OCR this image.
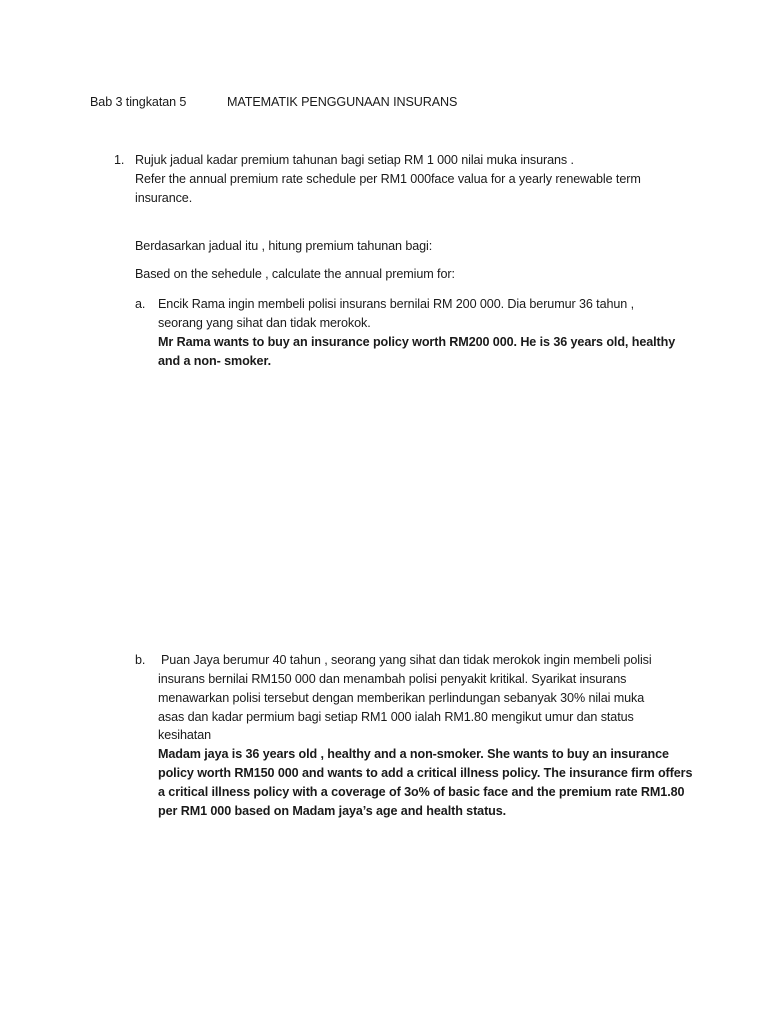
Bab 3 tingkatan 5	MATEMATIK PENGGUNAAN INSURANS
1. Rujuk jadual kadar premium tahunan bagi setiap RM 1 000 nilai muka insurans .
Refer the annual premium rate schedule per RM1 000face valua for a yearly renewable term
insurance.
Berdasarkan jadual itu , hitung premium tahunan bagi:
Based on the sehedule , calculate the annual premium for:
a. Encik Rama ingin membeli polisi insurans bernilai RM 200 000. Dia berumur 36 tahun ,
seorang yang sihat dan tidak merokok.
Mr Rama wants to buy an insurance policy worth RM200 000. He is 36 years old, healthy
and a non- smoker.
b. Puan Jaya berumur 40 tahun , seorang yang sihat dan tidak merokok ingin membeli polisi
insurans bernilai RM150 000 dan menambah polisi penyakit kritikal. Syarikat insurans
menawarkan polisi tersebut dengan memberikan perlindungan sebanyak 30% nilai muka
asas dan kadar permium bagi setiap RM1 000 ialah RM1.80 mengikut umur dan status
kesihatan
Madam jaya is 36 years old , healthy and a non-smoker. She wants to buy an insurance
policy worth RM150 000 and wants to add a critical illness policy. The insurance firm offers
a critical illness policy with a coverage of 3o% of basic face and the premium rate RM1.80
per RM1 000 based on Madam jaya’s age and health status.
